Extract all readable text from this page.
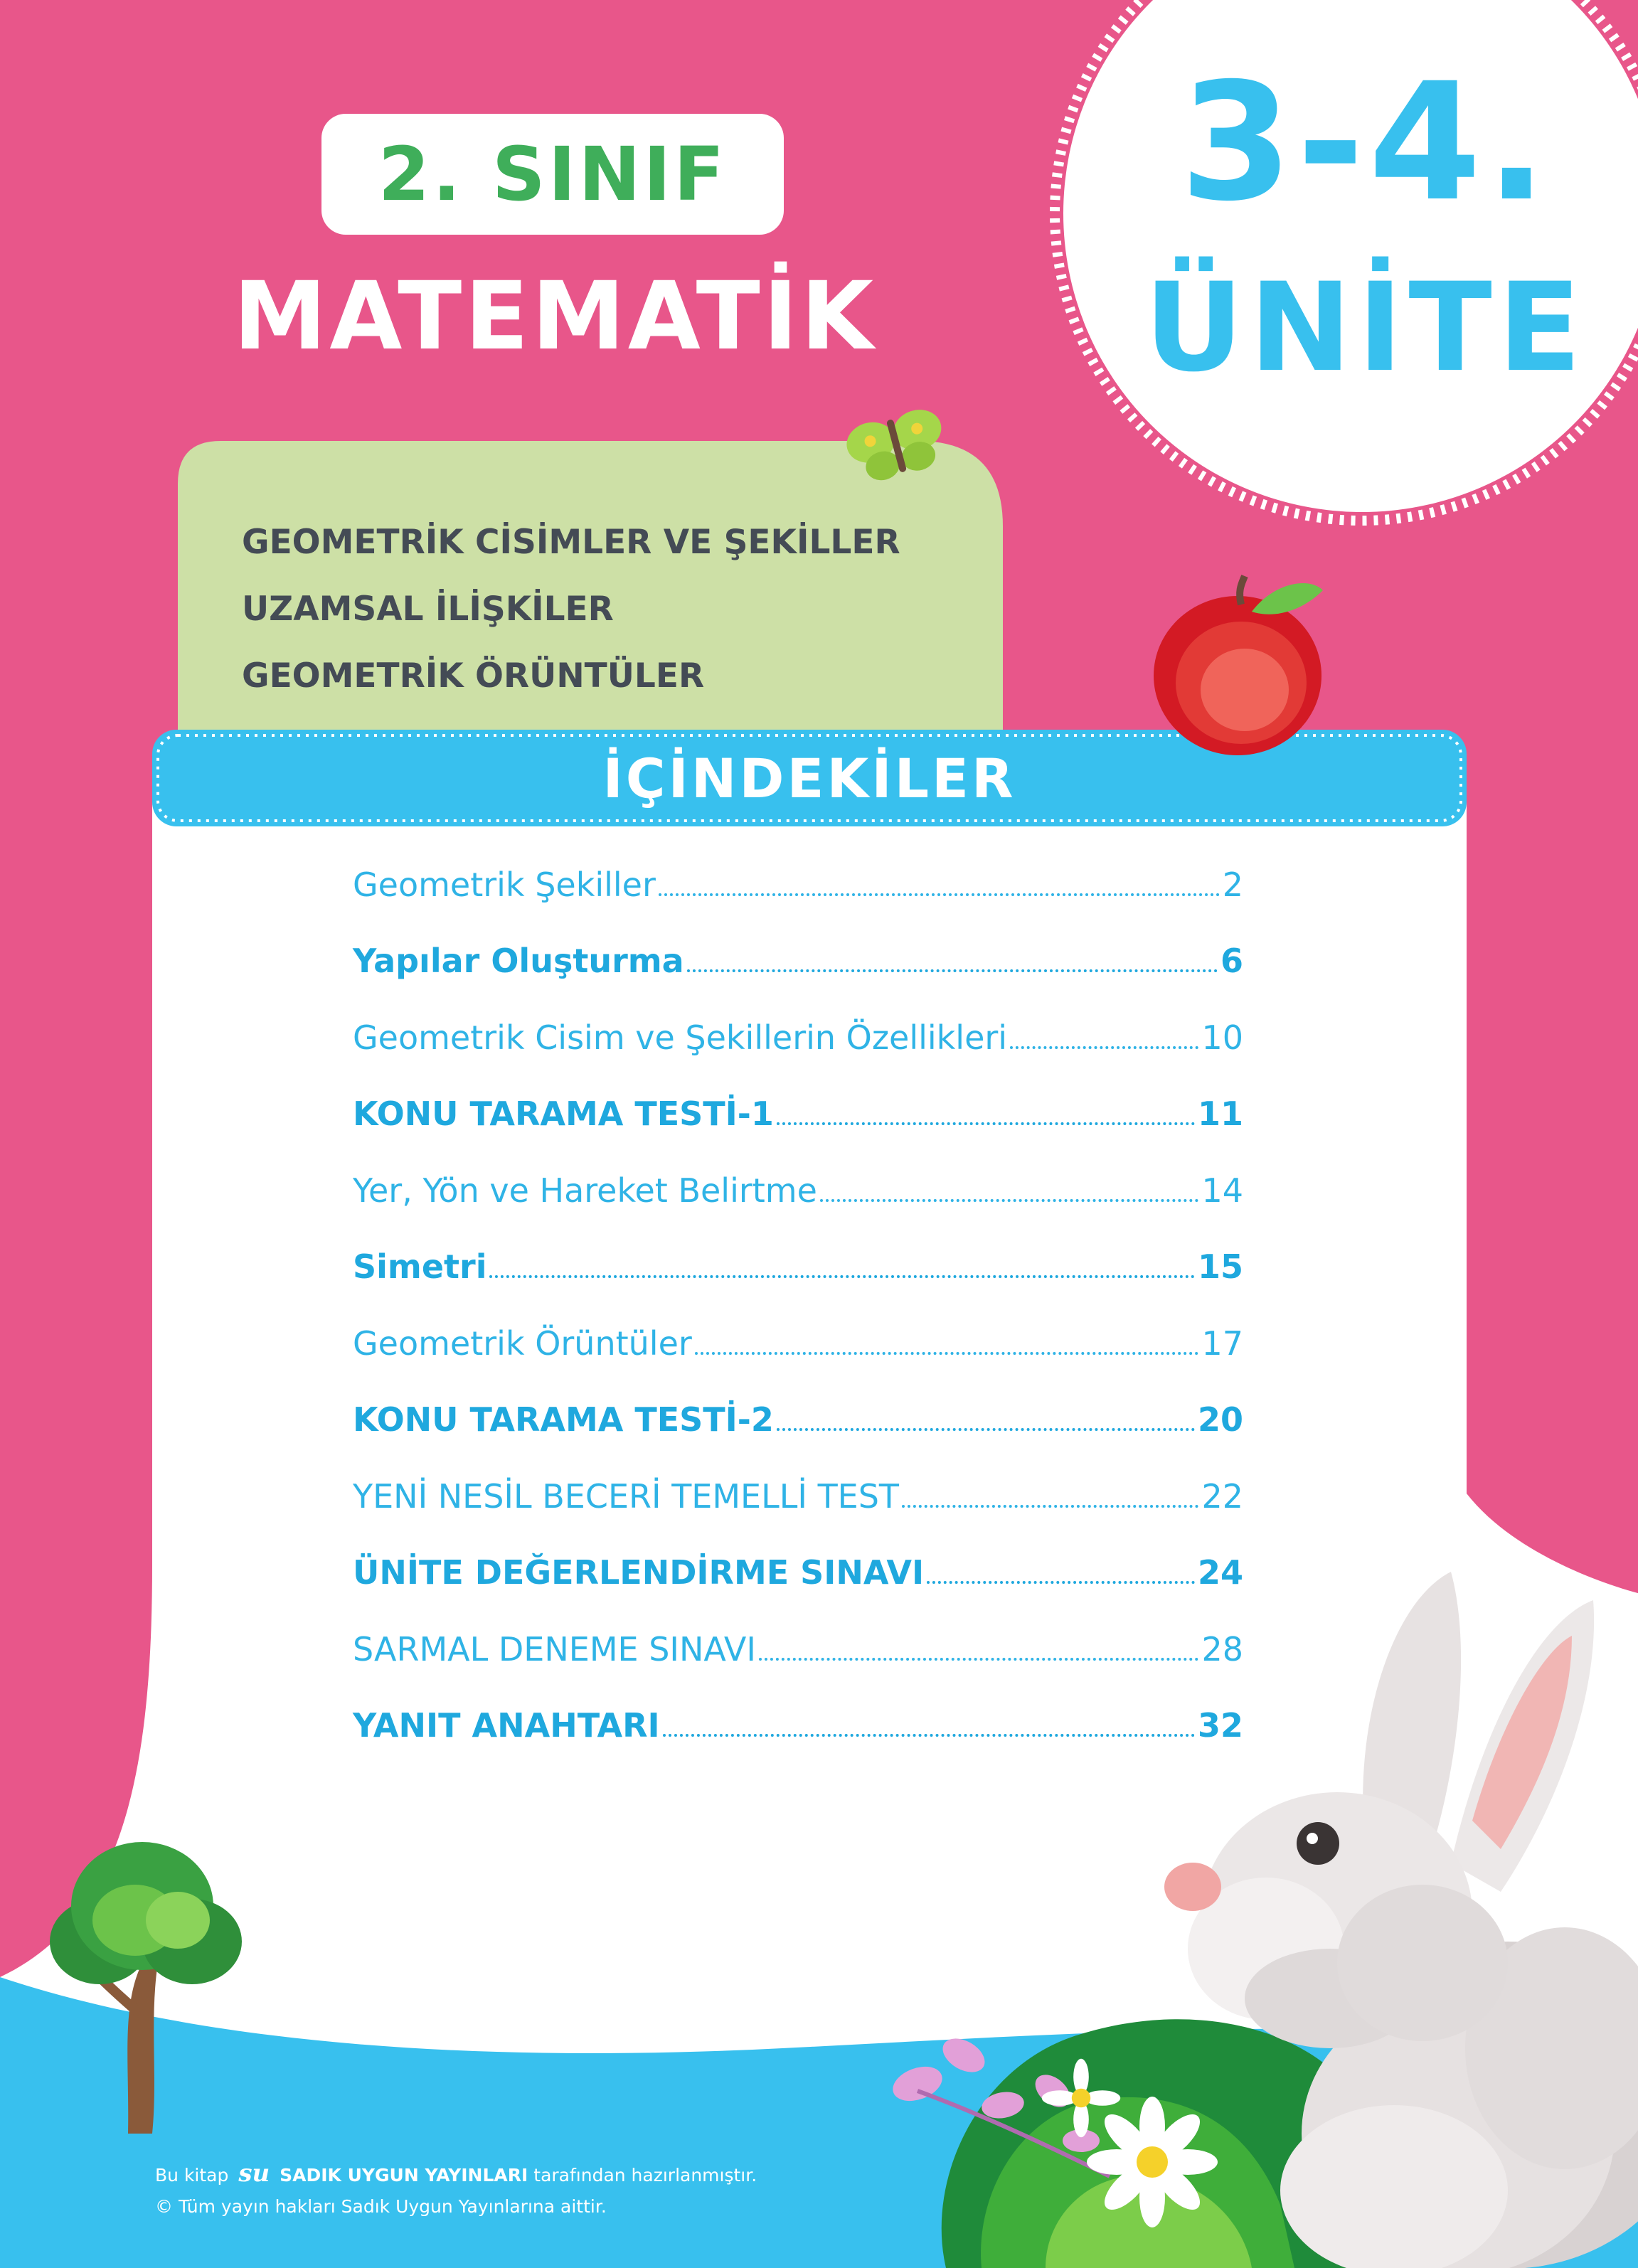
2. SINIF
MATEMATİK
3-4.
ÜNİTE
GEOMETRİK CİSİMLER VE ŞEKİLLER
UZAMSAL İLİŞKİLER
GEOMETRİK ÖRÜNTÜLER
İÇİNDEKİLER
Geometrik Şekiller	2
Yapılar Oluşturma	6
Geometrik Cisim ve Şekillerin Özellikleri	10
KONU TARAMA TESTİ-1	11
Yer, Yön ve Hareket Belirtme	14
Simetri	15
Geometrik Örüntüler	17
KONU TARAMA TESTİ-2	20
YENİ NESİL BECERİ TEMELLİ TEST	22
ÜNİTE DEĞERLENDİRME SINAVI	24
SARMAL DENEME SINAVI	28
YANIT ANAHTARI	32
Bu kitap su SADIK UYGUN YAYINLARI tarafından hazırlanmıştır.
© Tüm yayın hakları Sadık Uygun Yayınlarına aittir.
